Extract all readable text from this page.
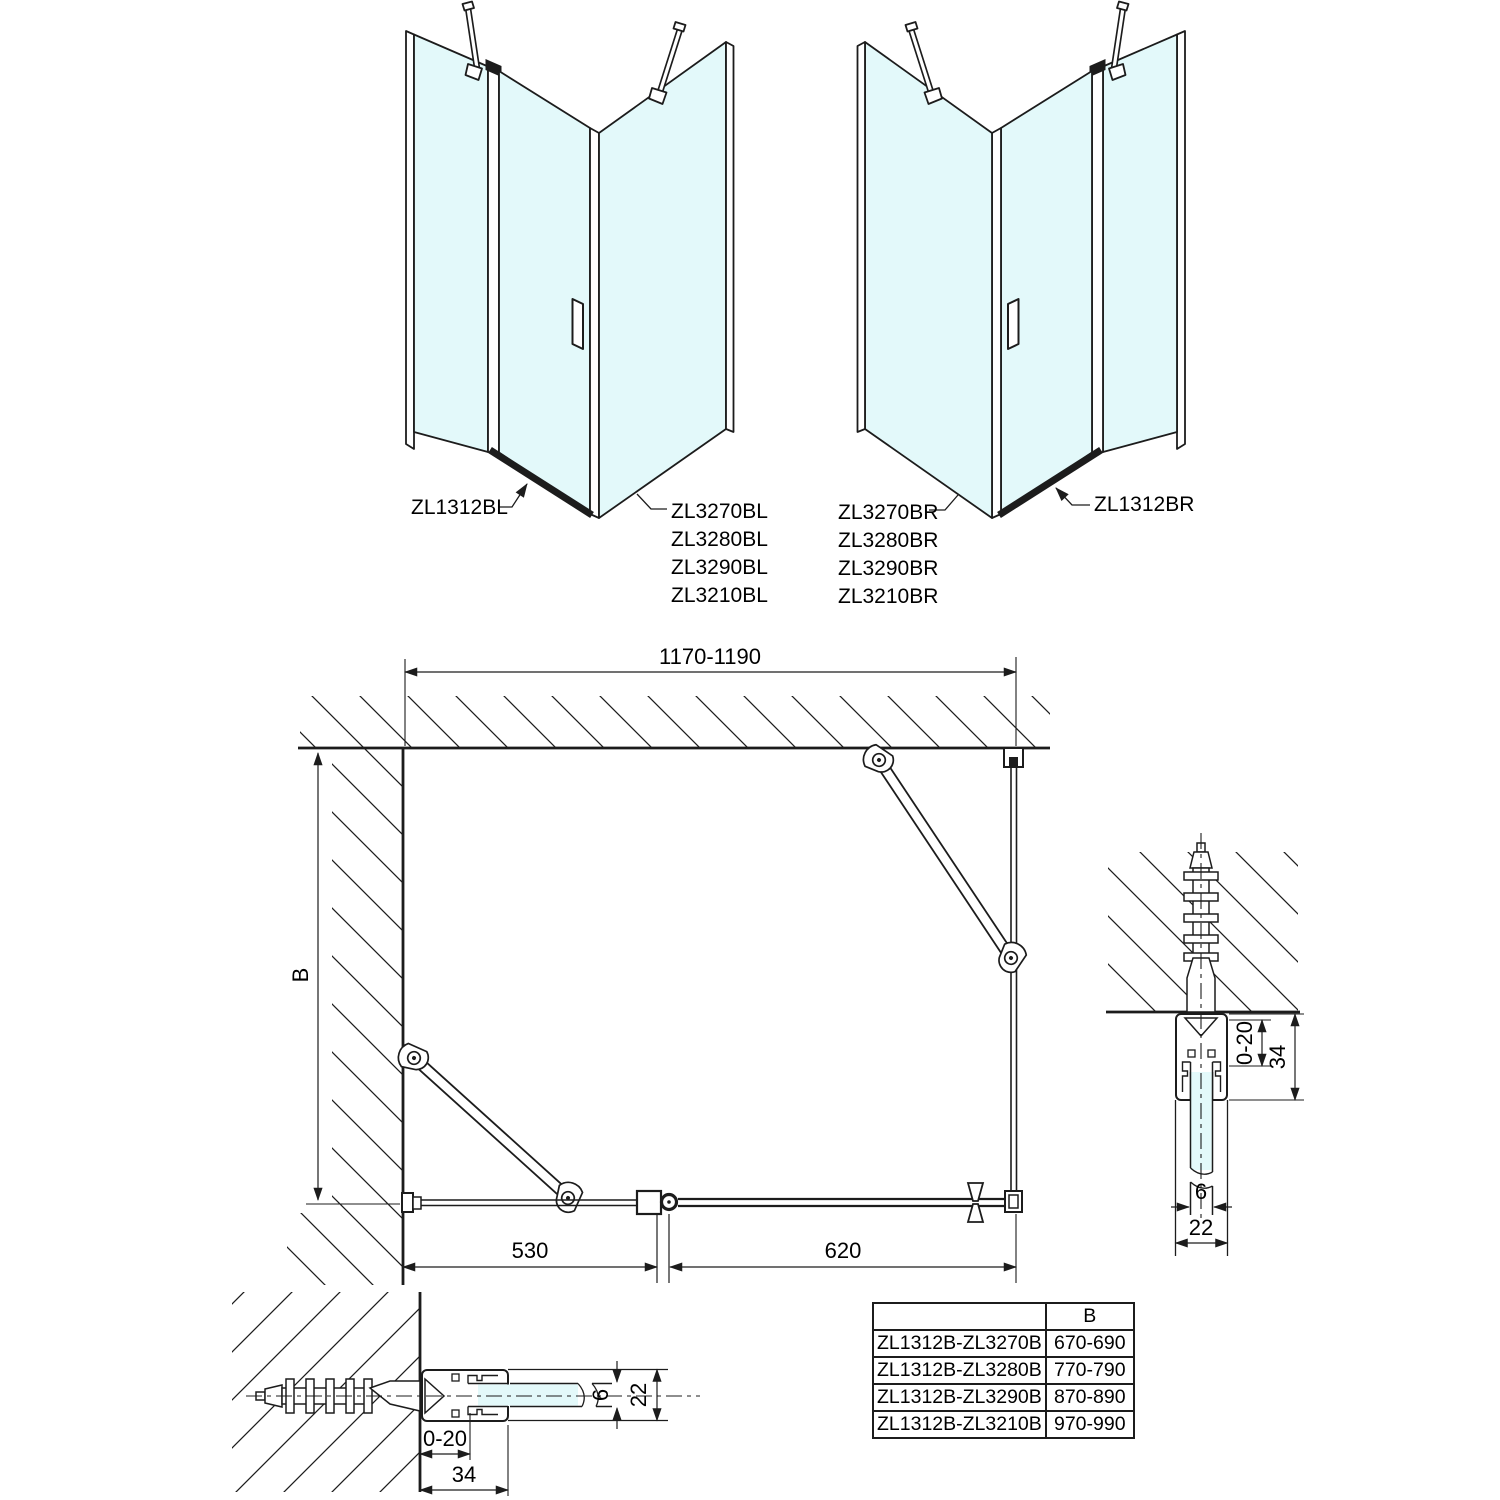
ZL1312BL	ZL3270BL
ZL3280BL
ZL3290BL
ZL3210BL
ZL3270BR
ZL3280BR
ZL3290BR
ZL3210BR
ZL1312BR
1170-1190
B
530	620
0-20 34
6
22
0-20
34
6 22
	B
ZL1312B-ZL3270B	670-690
ZL1312B-ZL3280B	770-790
ZL1312B-ZL3290B	870-890
ZL1312B-ZL3210B	970-990
